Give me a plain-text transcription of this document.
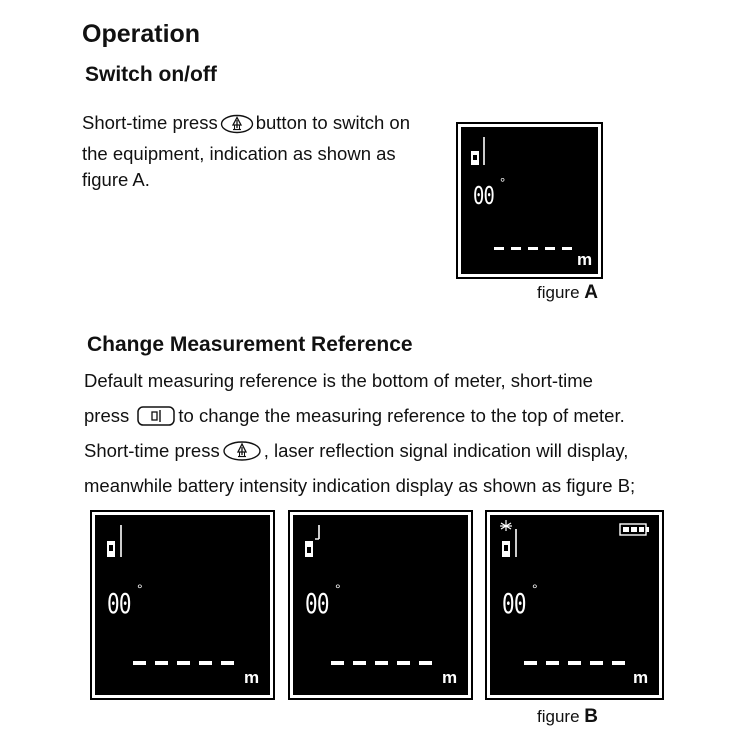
Operation
Switch on/off
Short-time press button to switch on
the equipment, indication as shown as
figure A.
00 °
m
figure A
Change Measurement Reference
Default measuring reference is the bottom of meter, short-time
press	to change the measuring reference to the top of meter.
Short-time press , laser reflection signal indication will display,
meanwhile battery intensity indication display as shown as figure B;
00 °
m
00 °
m
00 °
m
figure B
